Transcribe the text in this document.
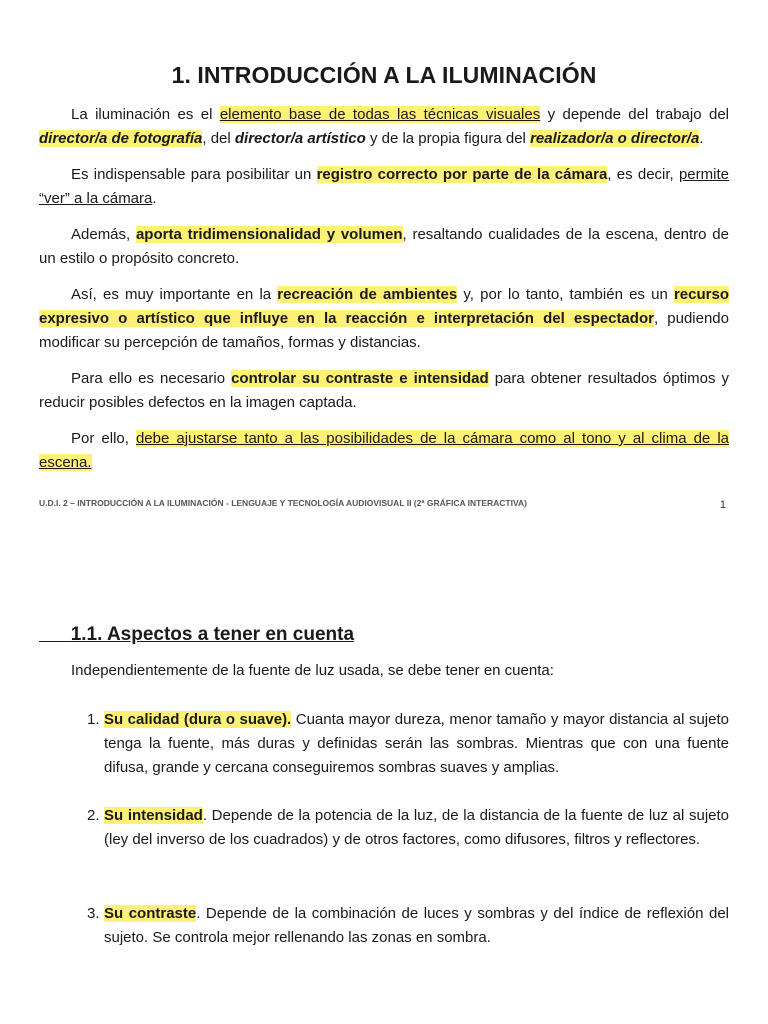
1. INTRODUCCIÓN A LA ILUMINACIÓN

La iluminación es el elemento base de todas las técnicas visuales y depende del trabajo del director/a de fotografía, del director/a artístico y de la propia figura del realizador/a o director/a.

Es indispensable para posibilitar un registro correcto por parte de la cámara, es decir, permite “ver” a la cámara.

Además, aporta tridimensionalidad y volumen, resaltando cualidades de la escena, dentro de un estilo o propósito concreto.

Así, es muy importante en la recreación de ambientes y, por lo tanto, también es un recurso expresivo o artístico que influye en la reacción e interpretación del espectador, pudiendo modificar su percepción de tamaños, formas y distancias.

Para ello es necesario controlar su contraste e intensidad para obtener resultados óptimos y reducir posibles defectos en la imagen captada.

Por ello, debe ajustarse tanto a las posibilidades de la cámara como al tono y al clima de la escena.

U.D.I. 2 – INTRODUCCIÓN A LA ILUMINACIÓN - LENGUAJE Y TECNOLOGÍA AUDIOVISUAL II (2ª GRÁFICA INTERACTIVA)	1
1.1. Aspectos a tener en cuenta
Independientemente de la fuente de luz usada, se debe tener en cuenta:
1. Su calidad (dura o suave). Cuanta mayor dureza, menor tamaño y mayor distancia al sujeto tenga la fuente, más duras y definidas serán las sombras. Mientras que con una fuente difusa, grande y cercana conseguiremos sombras suaves y amplias.
2. Su intensidad. Depende de la potencia de la luz, de la distancia de la fuente de luz al sujeto (ley del inverso de los cuadrados) y de otros factores, como difusores, filtros y reflectores.
3. Su contraste. Depende de la combinación de luces y sombras y del índice de reflexión del sujeto. Se controla mejor rellenando las zonas en sombra.
